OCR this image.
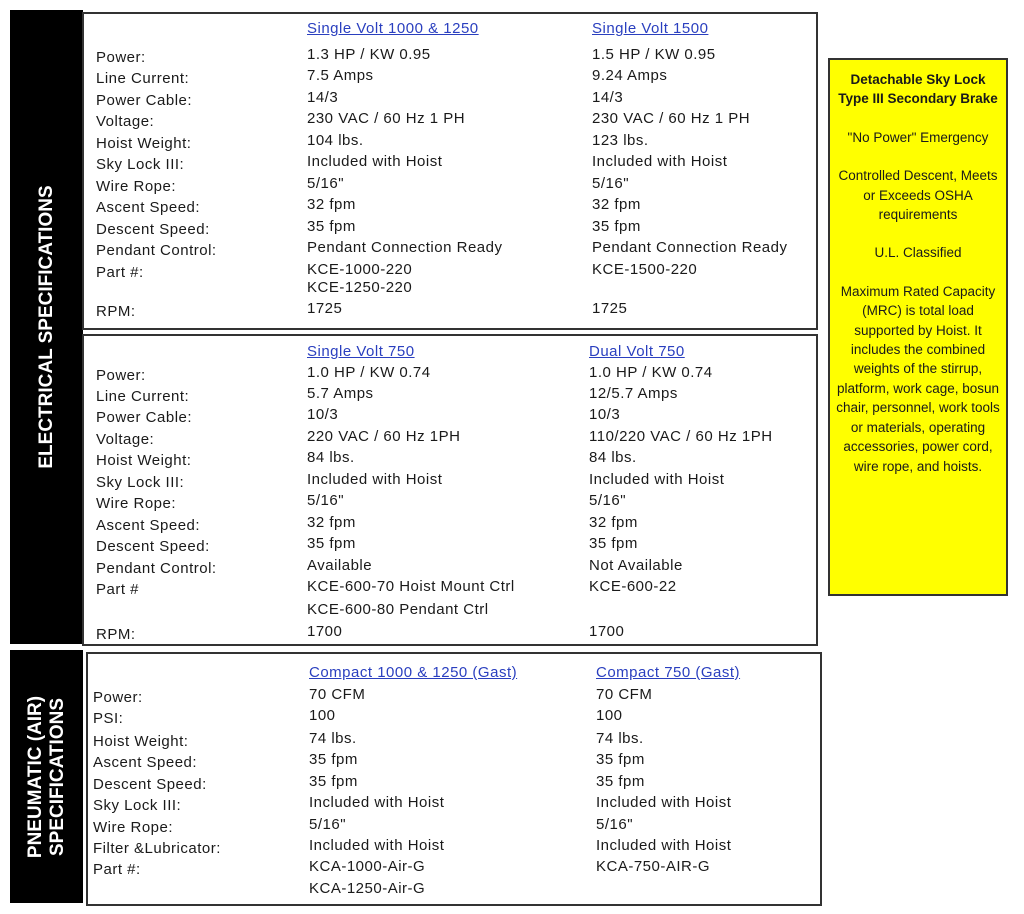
ELECTRICAL SPECIFICATIONS
PNEUMATIC (AIR) SPECIFICATIONS
Single Volt 1000 & 1250	Single Volt 1500
Power:	1.3 HP / KW 0.95	1.5 HP / KW 0.95
Line Current:	7.5 Amps	9.24 Amps
Power Cable:	14/3	14/3
Voltage:	230 VAC / 60 Hz 1 PH	230 VAC / 60 Hz 1 PH
Hoist Weight:	104 lbs.	123 lbs.
Sky Lock III:	Included with Hoist	Included with Hoist
Wire Rope:	5/16"	5/16"
Ascent Speed:	32 fpm	32 fpm
Descent Speed:	35 fpm	35 fpm
Pendant Control:	Pendant Connection Ready	Pendant Connection Ready
Part #:	KCE-1000-220	KCE-1500-220
KCE-1250-220
RPM:	1725	1725
Single Volt 750	Dual Volt 750
Power:	1.0 HP / KW 0.74	1.0 HP / KW 0.74
Line Current:	5.7 Amps	12/5.7 Amps
Power Cable:	10/3	10/3
Voltage:	220 VAC / 60 Hz 1PH	110/220 VAC / 60 Hz 1PH
Hoist Weight:	84 lbs.	84 lbs.
Sky Lock III:	Included with Hoist	Included with Hoist
Wire Rope:	5/16"	5/16"
Ascent Speed:	32 fpm	32 fpm
Descent Speed:	35 fpm	35 fpm
Pendant Control:	Available	Not Available
Part #	KCE-600-70 Hoist Mount Ctrl	KCE-600-22
KCE-600-80 Pendant Ctrl
RPM:	1700	1700
Compact 1000 & 1250 (Gast)	Compact 750 (Gast)
Power:	70 CFM	70 CFM
PSI:	100	100
Hoist Weight:	74 lbs.	74 lbs.
Ascent Speed:	35 fpm	35 fpm
Descent Speed:	35 fpm	35 fpm
Sky Lock III:	Included with Hoist	Included with Hoist
Wire Rope:	5/16"	5/16"
Filter &Lubricator:	Included with Hoist	Included with Hoist
Part #:	KCA-1000-Air-G	KCA-750-AIR-G
KCA-1250-Air-G
Detachable Sky Lock Type III Secondary Brake

"No Power" Emergency

Controlled Descent, Meets or Exceeds OSHA requirements

U.L. Classified

Maximum Rated Capacity (MRC) is total load supported by Hoist. It includes the combined weights of the stirrup, platform, work cage, bosun chair, personnel, work tools or materials, operating accessories, power cord, wire rope, and hoists.
